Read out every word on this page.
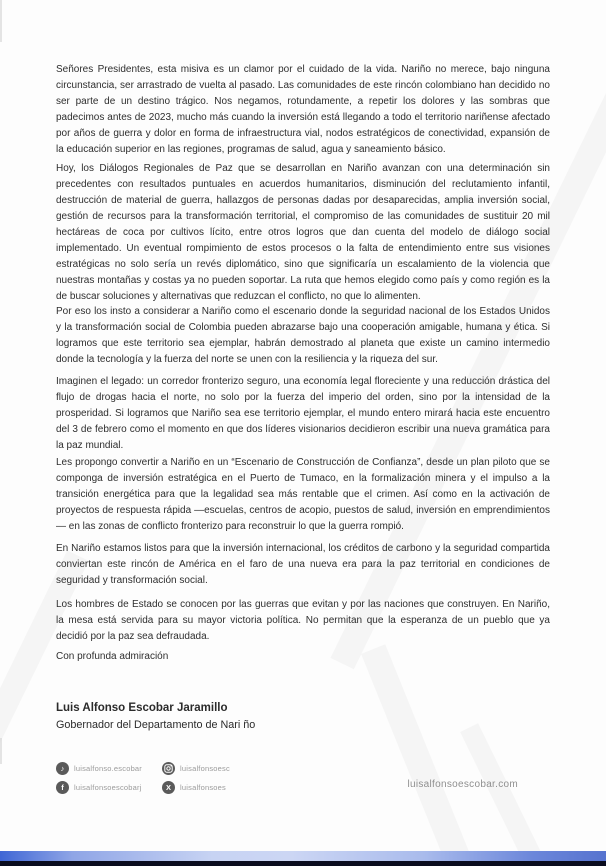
Señores Presidentes, esta misiva es un clamor por el cuidado de la vida. Nariño no merece, bajo ninguna circunstancia, ser arrastrado de vuelta al pasado. Las comunidades de este rincón colombiano han decidido no ser parte de un destino trágico. Nos negamos, rotundamente, a repetir los dolores y las sombras que padecimos antes de 2023, mucho más cuando la inversión está llegando a todo el territorio nariñense afectado por años de guerra y dolor en forma de infraestructura vial, nodos estratégicos de conectividad, expansión de la educación superior en las regiones, programas de salud, agua y saneamiento básico.

Hoy, los Diálogos Regionales de Paz que se desarrollan en Nariño avanzan con una determinación sin precedentes con resultados puntuales en acuerdos humanitarios, disminución del reclutamiento infantil, destrucción de material de guerra, hallazgos de personas dadas por desaparecidas, amplia inversión social, gestión de recursos para la transformación territorial, el compromiso de las comunidades de sustituir 20 mil hectáreas de coca por cultivos lícito, entre otros logros que dan cuenta del modelo de diálogo social implementado. Un eventual rompimiento de estos procesos o la falta de entendimiento entre sus visiones estratégicas no solo sería un revés diplomático, sino que significaría un escalamiento de la violencia que nuestras montañas y costas ya no pueden soportar. La ruta que hemos elegido como país y como región es la de buscar soluciones y alternativas que reduzcan el conflicto, no que lo alimenten.

Por eso los insto a considerar a Nariño como el escenario donde la seguridad nacional de los Estados Unidos y la transformación social de Colombia pueden abrazarse bajo una cooperación amigable, humana y ética. Si logramos que este territorio sea ejemplar, habrán demostrado al planeta que existe un camino intermedio donde la tecnología y la fuerza del norte se unen con la resiliencia y la riqueza del sur.

Imaginen el legado: un corredor fronterizo seguro, una economía legal floreciente y una reducción drástica del flujo de drogas hacia el norte, no solo por la fuerza del imperio del orden, sino por la intensidad de la prosperidad. Si logramos que Nariño sea ese territorio ejemplar, el mundo entero mirará hacia este encuentro del 3 de febrero como el momento en que dos líderes visionarios decidieron escribir una nueva gramática para la paz mundial.

Les propongo convertir a Nariño en un “Escenario de Construcción de Confianza”, desde un plan piloto que se componga de inversión estratégica en el Puerto de Tumaco, en la formalización minera y el impulso a la transición energética para que la legalidad sea más rentable que el crimen. Así como en la activación de proyectos de respuesta rápida —escuelas, centros de acopio, puestos de salud, inversión en emprendimientos — en las zonas de conflicto fronterizo para reconstruir lo que la guerra rompió.

En Nariño estamos listos para que la inversión internacional, los créditos de carbono y la seguridad compartida conviertan este rincón de América en el faro de una nueva era para la paz territorial en condiciones de seguridad y transformación social.

Los hombres de Estado se conocen por las guerras que evitan y por las naciones que construyen. En Nariño, la mesa está servida para su mayor victoria política. No permitan que la esperanza de un pueblo que ya decidió por la paz sea defraudada.

Con profunda admiración
Luis Alfonso Escobar Jaramillo
Gobernador del Departamento de Nari ño
♪	luisalfonso.escobar	luisalfonsoesc
f	luisalfonsoescobarj	X	luisalfonsoes	luisalfonsoescobar.com
